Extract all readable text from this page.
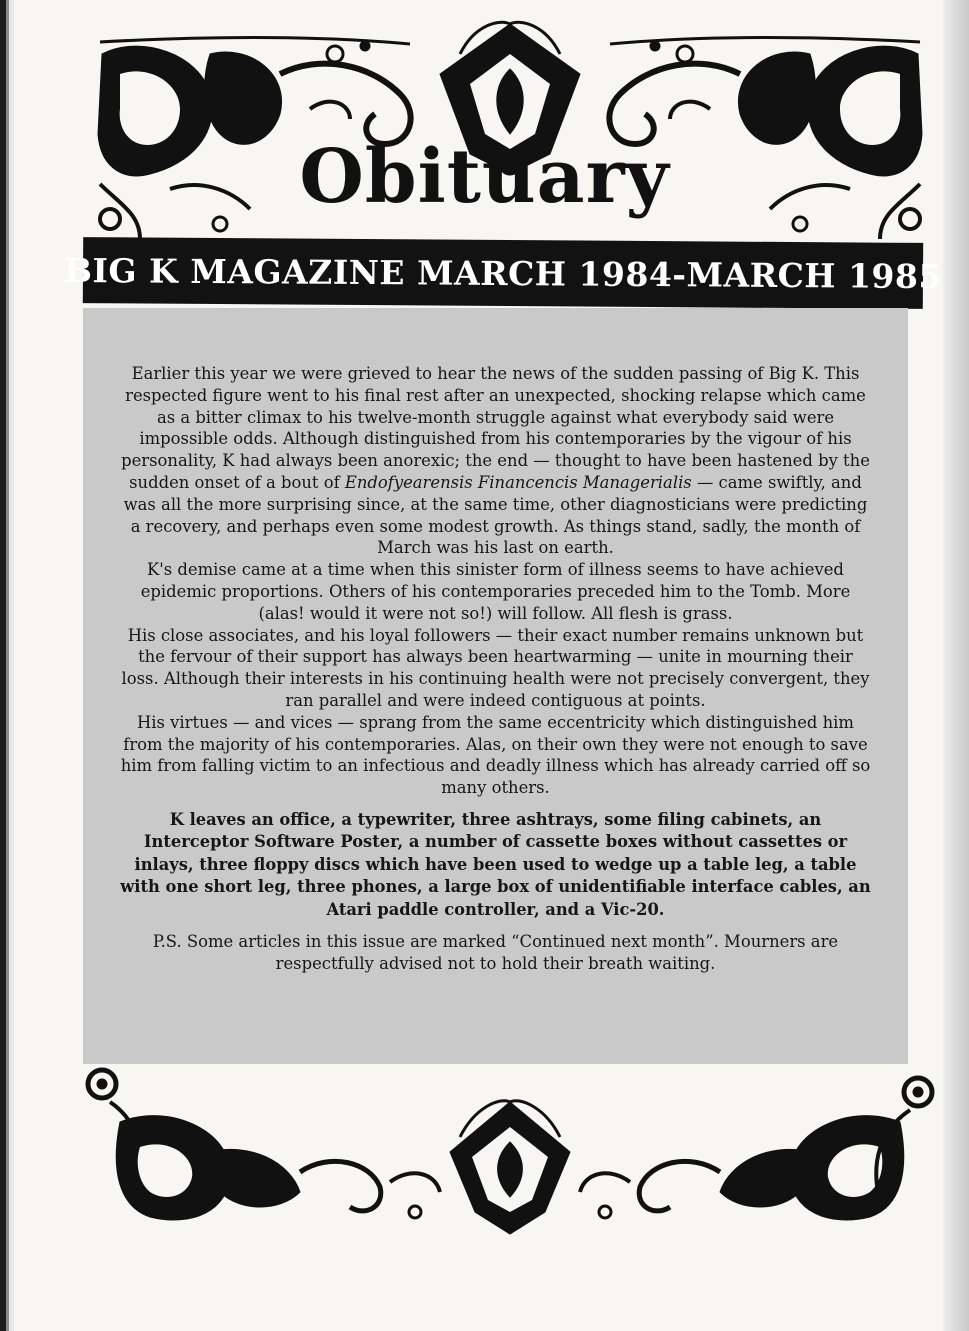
Obituary
BIG K MAGAZINE MARCH 1984-MARCH 1985

Earlier this year we were grieved to hear the news of the sudden passing of Big K. This respected figure went to his final rest after an unexpected, shocking relapse which came as a bitter climax to his twelve-month struggle against what everybody said were impossible odds. Although distinguished from his contemporaries by the vigour of his personality, K had always been anorexic; the end — thought to have been hastened by the sudden onset of a bout of Endofyearensis Financencis Managerialis — came swiftly, and was all the more surprising since, at the same time, other diagnosticians were predicting a recovery, and perhaps even some modest growth. As things stand, sadly, the month of March was his last on earth.

K's demise came at a time when this sinister form of illness seems to have achieved epidemic proportions. Others of his contemporaries preceded him to the Tomb. More (alas! would it were not so!) will follow. All flesh is grass.

His close associates, and his loyal followers — their exact number remains unknown but the fervour of their support has always been heartwarming — unite in mourning their loss. Although their interests in his continuing health were not precisely convergent, they ran parallel and were indeed contiguous at points.

His virtues — and vices — sprang from the same eccentricity which distinguished him from the majority of his contemporaries. Alas, on their own they were not enough to save him from falling victim to an infectious and deadly illness which has already carried off so many others.

K leaves an office, a typewriter, three ashtrays, some filing cabinets, an Interceptor Software Poster, a number of cassette boxes without cassettes or inlays, three floppy discs which have been used to wedge up a table leg, a table with one short leg, three phones, a large box of unidentifiable interface cables, an Atari paddle controller, and a Vic-20.

P.S. Some articles in this issue are marked “Continued next month”. Mourners are respectfully advised not to hold their breath waiting.
